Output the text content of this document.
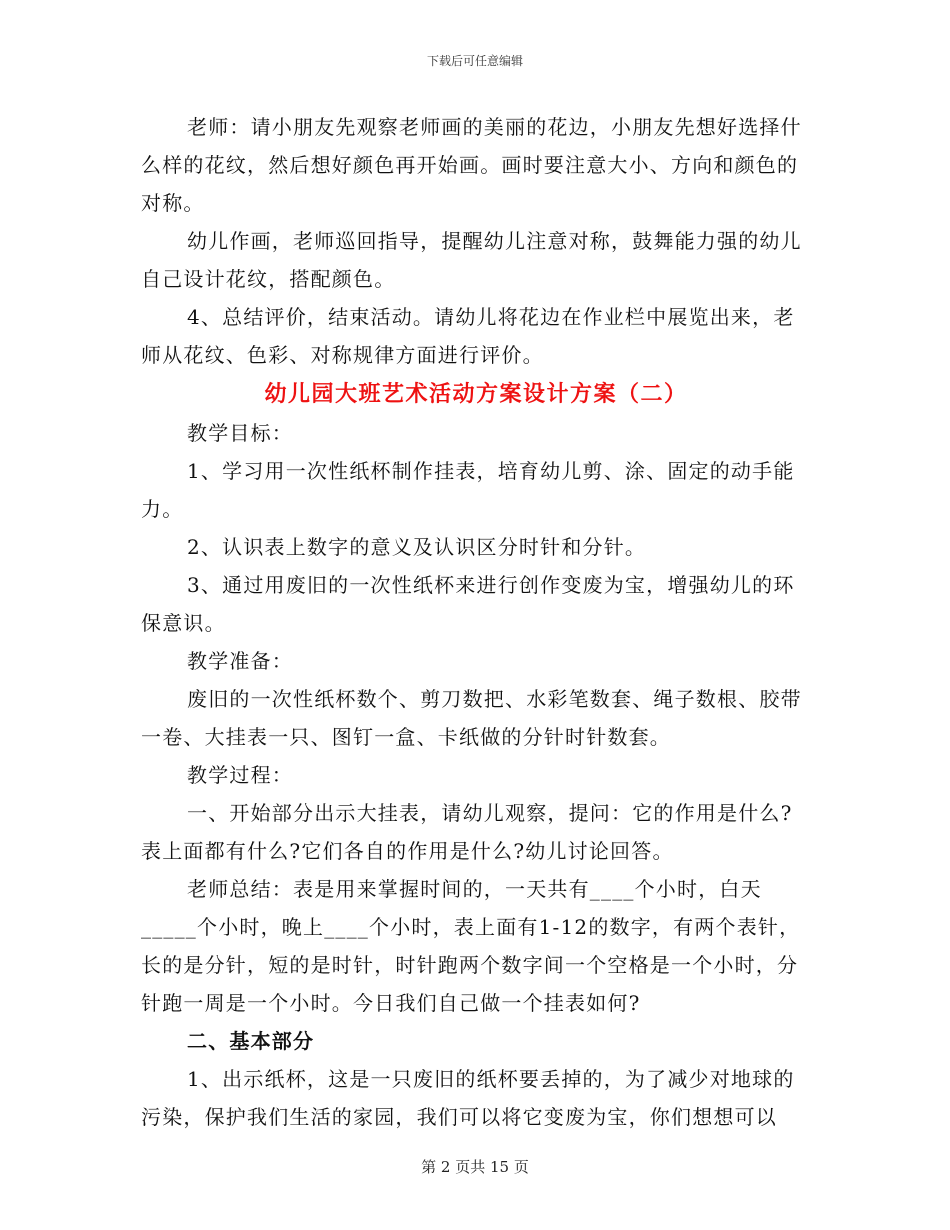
下载后可任意编辑

老师：请小朋友先观察老师画的美丽的花边，小朋友先想好选择什么样的花纹，然后想好颜色再开始画。画时要注意大小、方向和颜色的对称。

幼儿作画，老师巡回指导，提醒幼儿注意对称，鼓舞能力强的幼儿自己设计花纹，搭配颜色。

4、总结评价，结束活动。请幼儿将花边在作业栏中展览出来，老师从花纹、色彩、对称规律方面进行评价。

幼儿园大班艺术活动方案设计方案（二）

教学目标：

1、学习用一次性纸杯制作挂表，培育幼儿剪、涂、固定的动手能力。

2、认识表上数字的意义及认识区分时针和分针。

3、通过用废旧的一次性纸杯来进行创作变废为宝，增强幼儿的环保意识。

教学准备：

废旧的一次性纸杯数个、剪刀数把、水彩笔数套、绳子数根、胶带一卷、大挂表一只、图钉一盒、卡纸做的分针时针数套。

教学过程：

一、开始部分出示大挂表，请幼儿观察，提问：它的作用是什么?表上面都有什么?它们各自的作用是什么?幼儿讨论回答。

老师总结：表是用来掌握时间的，一天共有____个小时，白天_____个小时，晚上____个小时，表上面有1-12的数字，有两个表针，长的是分针，短的是时针，时针跑两个数字间一个空格是一个小时，分针跑一周是一个小时。今日我们自己做一个挂表如何?

二、基本部分

1、出示纸杯，这是一只废旧的纸杯要丢掉的，为了减少对地球的污染，保护我们生活的家园，我们可以将它变废为宝，你们想想可以

第 2 页共 15 页
